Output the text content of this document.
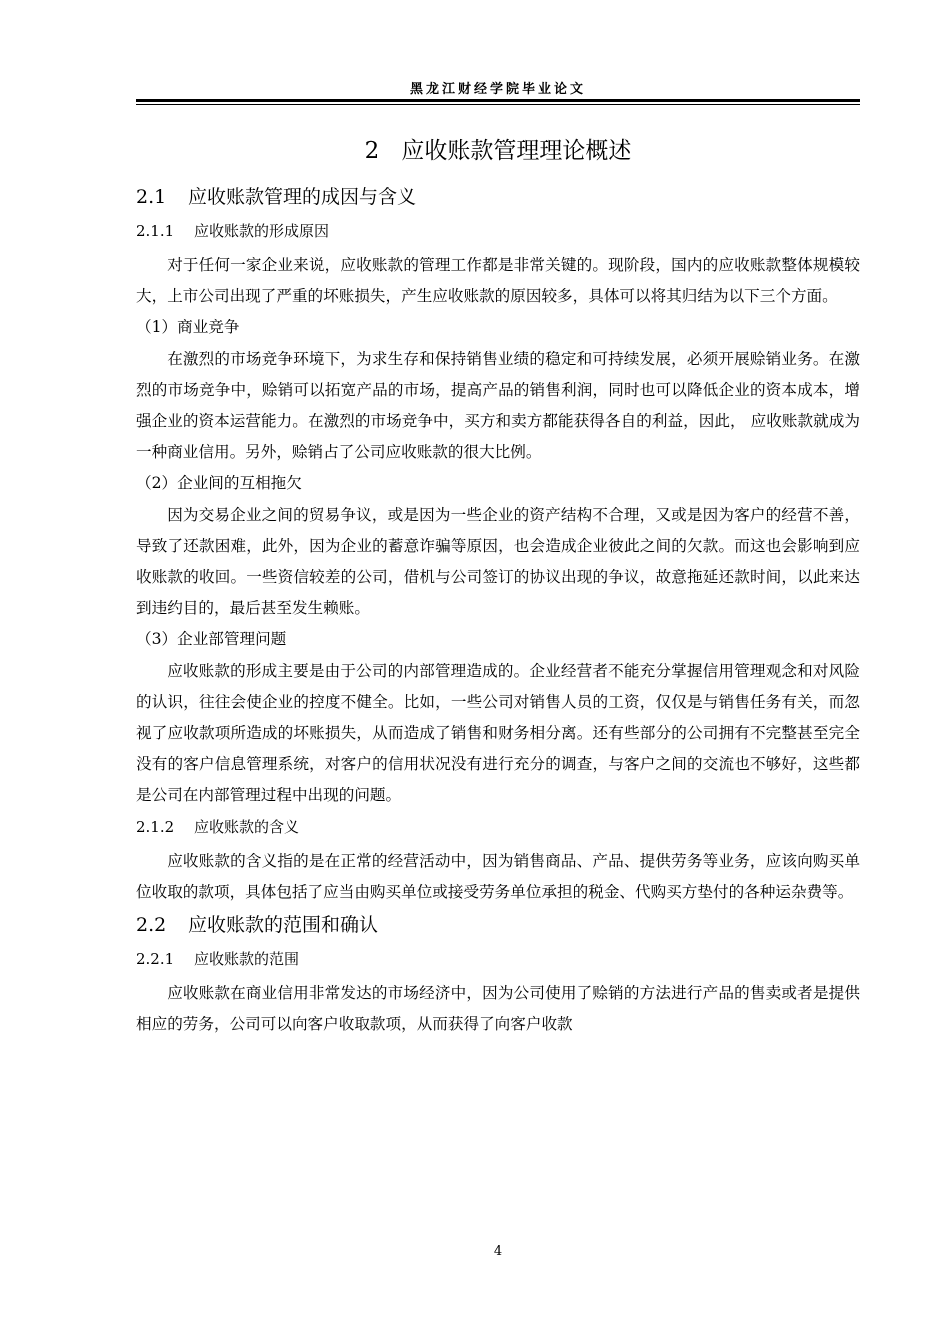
黑龙江财经学院毕业论文
2 应收账款管理理论概述
2.1 应收账款管理的成因与含义
2.1.1 应收账款的形成原因

对于任何一家企业来说，应收账款的管理工作都是非常关键的。现阶段，国内的应收账款整体规模较大，上市公司出现了严重的坏账损失，产生应收账款的原因较多，具体可以将其归结为以下三个方面。

（1）商业竞争

在激烈的市场竞争环境下，为求生存和保持销售业绩的稳定和可持续发展，必须开展赊销业务。在激烈的市场竞争中，赊销可以拓宽产品的市场，提高产品的销售利润，同时也可以降低企业的资本成本，增强企业的资本运营能力。在激烈的市场竞争中，买方和卖方都能获得各自的利益，因此， 应收账款就成为一种商业信用。另外，赊销占了公司应收账款的很大比例。

（2）企业间的互相拖欠

因为交易企业之间的贸易争议，或是因为一些企业的资产结构不合理，又或是因为客户的经营不善，导致了还款困难，此外，因为企业的蓄意诈骗等原因，也会造成企业彼此之间的欠款。而这也会影响到应收账款的收回。一些资信较差的公司，借机与公司签订的协议出现的争议，故意拖延还款时间，以此来达到违约目的，最后甚至发生赖账。

（3）企业部管理问题

应收账款的形成主要是由于公司的内部管理造成的。企业经营者不能充分掌握信用管理观念和对风险的认识，往往会使企业的控度不健全。比如，一些公司对销售人员的工资，仅仅是与销售任务有关，而忽视了应收款项所造成的坏账损失，从而造成了销售和财务相分离。还有些部分的公司拥有不完整甚至完全没有的客户信息管理系统，对客户的信用状况没有进行充分的调查，与客户之间的交流也不够好，这些都是公司在内部管理过程中出现的问题。

2.1.2 应收账款的含义

应收账款的含义指的是在正常的经营活动中，因为销售商品、产品、提供劳务等业务，应该向购买单位收取的款项，具体包括了应当由购买单位或接受劳务单位承担的税金、代购买方垫付的各种运杂费等。

2.2 应收账款的范围和确认
2.2.1 应收账款的范围

应收账款在商业信用非常发达的市场经济中，因为公司使用了赊销的方法进行产品的售卖或者是提供相应的劳务，公司可以向客户收取款项，从而获得了向客户收款

4
